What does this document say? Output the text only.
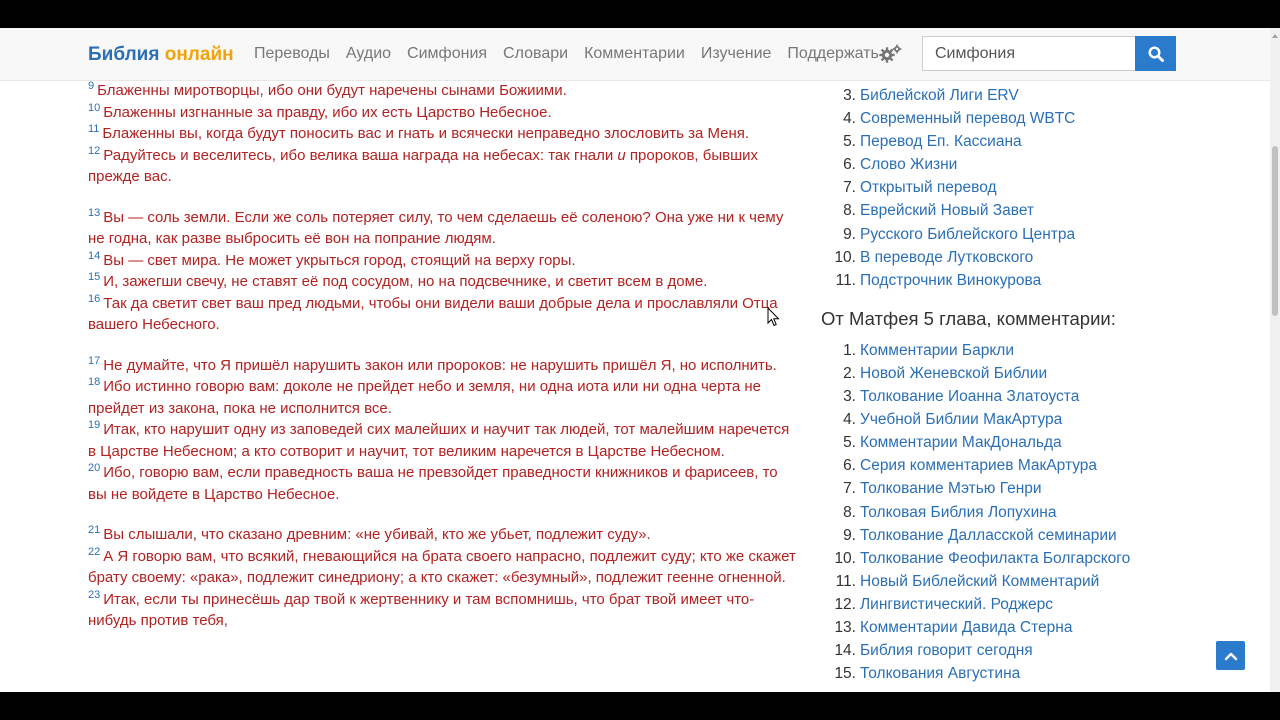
Библия онлайн Переводы Аудио Симфония Словари Комментарии Изучение Поддержать
Симфония
$^9$ Блаженны миротворцы, ибо они будут наречены сынами Божиими.
$^{10}$ Блаженны изгнанные за правду, ибо их есть Царство Небесное.
$^{11}$ Блаженны вы, когда будут поносить вас и гнать и всячески неправедно злословить за Меня.
$^{12}$ Радуйтесь и веселитесь, ибо велика ваша награда на небесах: так гнали и пророков, бывших прежде вас.
$^{13}$ Вы — соль земли. Если же соль потеряет силу, то чем сделаешь её соленою? Она уже ни к чему не годна, как разве выбросить её вон на попрание людям.
$^{14}$ Вы — свет мира. Не может укрыться город, стоящий на верху горы.
$^{15}$ И, зажегши свечу, не ставят её под сосудом, но на подсвечнике, и светит всем в доме.
$^{16}$ Так да светит свет ваш пред людьми, чтобы они видели ваши добрые дела и прославляли Отца вашего Небесного.
$^{17}$ Не думайте, что Я пришёл нарушить закон или пророков: не нарушить пришёл Я, но исполнить.
$^{18}$ Ибо истинно говорю вам: доколе не прейдет небо и земля, ни одна иота или ни одна черта не прейдет из закона, пока не исполнится все.
$^{19}$ Итак, кто нарушит одну из заповедей сих малейших и научит так людей, тот малейшим наречется в Царстве Небесном; а кто сотворит и научит, тот великим наречется в Царстве Небесном.
$^{20}$ Ибо, говорю вам, если праведность ваша не превзойдет праведности книжников и фарисеев, то вы не войдете в Царство Небесное.
$^{21}$ Вы слышали, что сказано древним: «не убивай, кто же убьет, подлежит суду».
$^{22}$ А Я говорю вам, что всякий, гневающийся на брата своего напрасно, подлежит суду; кто же скажет брату своему: «рака», подлежит синедриону; а кто скажет: «безумный», подлежит геенне огненной.
$^{23}$ Итак, если ты принесёшь дар твой к жертвеннику и там вспомнишь, что брат твой имеет что-нибудь против тебя,
3. Библейской Лиги ERV
4. Современный перевод WBTC
5. Перевод Еп. Кассиана
6. Слово Жизни
7. Открытый перевод
8. Еврейский Новый Завет
9. Русского Библейского Центра
10. В переводе Лутковского
11. Подстрочник Винокурова
От Матфея 5 глава, комментарии:
1. Комментарии Баркли
2. Новой Женевской Библии
3. Толкование Иоанна Златоуста
4. Учебной Библии МакАртура
5. Комментарии МакДональда
6. Серия комментариев МакАртура
7. Толкование Мэтью Генри
8. Толковая Библия Лопухина
9. Толкование Далласской семинарии
10. Толкование Феофилакта Болгарского
11. Новый Библейский Комментарий
12. Лингвистический. Роджерс
13. Комментарии Давида Стерна
14. Библия говорит сегодня
15. Толкования Августина
